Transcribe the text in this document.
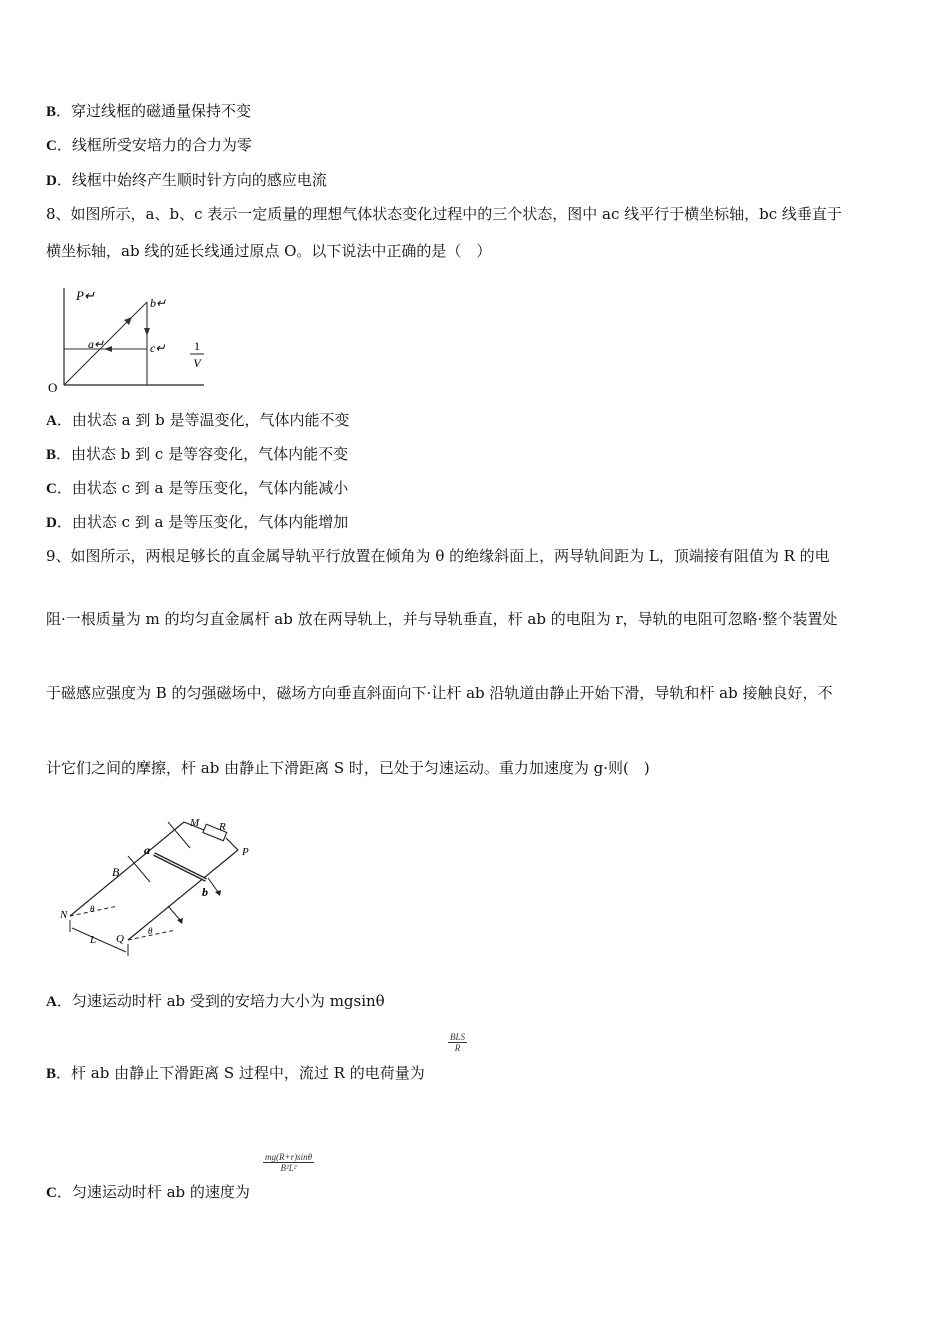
B．穿过线框的磁通量保持不变
C．线框所受安培力的合力为零
D．线框中始终产生顺时针方向的感应电流
8、如图所示，a、b、c 表示一定质量的理想气体状态变化过程中的三个状态，图中 ac 线平行于横坐标轴，bc 线垂直于
横坐标轴，ab 线的延长线通过原点 O。以下说法中正确的是（　）
P↵	b↵
a↵	c↵
O
1
V
A．由状态 a 到 b 是等温变化，气体内能不变
B．由状态 b 到 c 是等容变化，气体内能不变
C．由状态 c 到 a 是等压变化，气体内能减小
D．由状态 c 到 a 是等压变化，气体内能增加
9、如图所示，两根足够长的直金属导轨平行放置在倾角为 θ 的绝缘斜面上，两导轨间距为 L，顶端接有阻值为 R 的电
阻·一根质量为 m 的均匀直金属杆 ab 放在两导轨上，并与导轨垂直，杆 ab 的电阻为 r，导轨的电阻可忽略·整个装置处
于磁感应强度为 B 的匀强磁场中，磁场方向垂直斜面向下·让杆 ab 沿轨道由静止开始下滑，导轨和杆 ab 接触良好，不
计它们之间的摩擦，杆 ab 由静止下滑距离 S 时，已处于匀速运动。重力加速度为 g·则(　)
M R
P
a
b
B
N
Q
L
θ
θ
A．匀速运动时杆 ab 受到的安培力大小为 mgsinθ
BLS
R
B．杆 ab 由静止下滑距离 S 过程中，流过 R 的电荷量为
$\frac{mg(R+r)\sin\theta}{\text{B²L²}}$
C．匀速运动时杆 ab 的速度为
